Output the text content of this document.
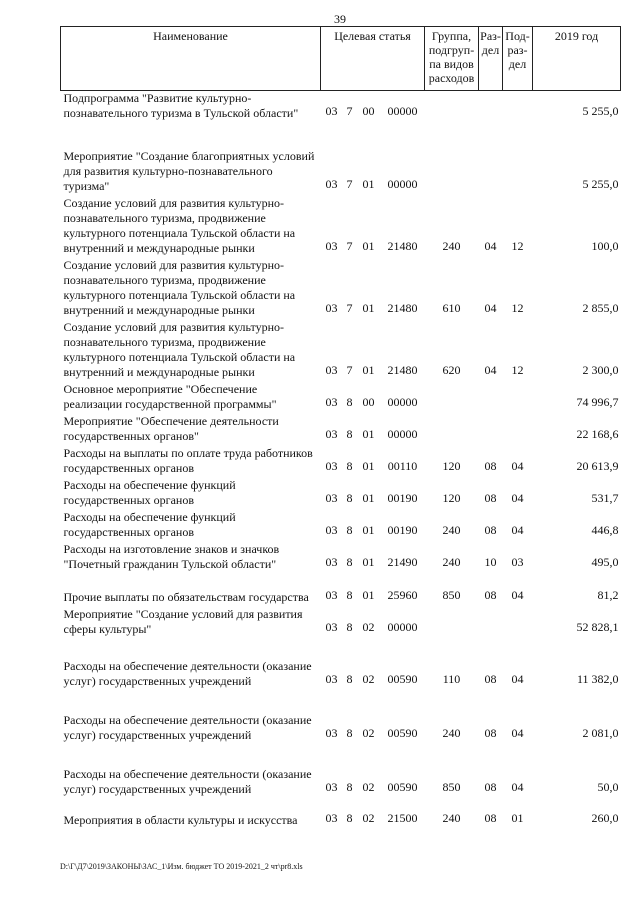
39
Наименование	Целевая статья				Группа, подгруп-па видов расходов	Раз-дел	Под-раз-дел	2019 год
Подпрограмма "Развитие культурно-познавательного туризма в Тульской области"	03	7	00	00000				5 255,0
Мероприятие "Создание благоприятных условий для развития культурно-познавательного туризма"	03	7	01	00000				5 255,0
Создание условий для развития культурно-познавательного туризма, продвижение культурного потенциала Тульской области на внутренний и международные рынки	03	7	01	21480	240	04	12	100,0
Создание условий для развития культурно-познавательного туризма, продвижение культурного потенциала Тульской области на внутренний и международные рынки	03	7	01	21480	610	04	12	2 855,0
Создание условий для развития культурно-познавательного туризма, продвижение культурного потенциала Тульской области на внутренний и международные рынки	03	7	01	21480	620	04	12	2 300,0
Основное мероприятие "Обеспечение реализации государственной программы"	03	8	00	00000				74 996,7
Мероприятие "Обеспечение деятельности государственных органов"	03	8	01	00000				22 168,6
Расходы на выплаты по оплате труда работников государственных органов	03	8	01	00110	120	08	04	20 613,9
Расходы на обеспечение функций государственных органов	03	8	01	00190	120	08	04	531,7
Расходы на обеспечение функций государственных органов	03	8	01	00190	240	08	04	446,8
Расходы на изготовление знаков и значков "Почетный гражданин Тульской области"	03	8	01	21490	240	10	03	495,0
Прочие выплаты по обязательствам государства	03	8	01	25960	850	08	04	81,2
Мероприятие "Создание условий для развития сферы культуры"	03	8	02	00000				52 828,1
Расходы на обеспечение деятельности (оказание услуг) государственных учреждений	03	8	02	00590	110	08	04	11 382,0
Расходы на обеспечение деятельности (оказание услуг) государственных учреждений	03	8	02	00590	240	08	04	2 081,0
Расходы на обеспечение деятельности (оказание услуг) государственных учреждений	03	8	02	00590	850	08	04	50,0
Мероприятия в области культуры и искусства	03	8	02	21500	240	08	01	260,0
D:\Г\Д7\2019\ЗАКОНЫ\ЗАС_1\Изм. бюджет ТО 2019-2021_2 чт\pr8.xls
